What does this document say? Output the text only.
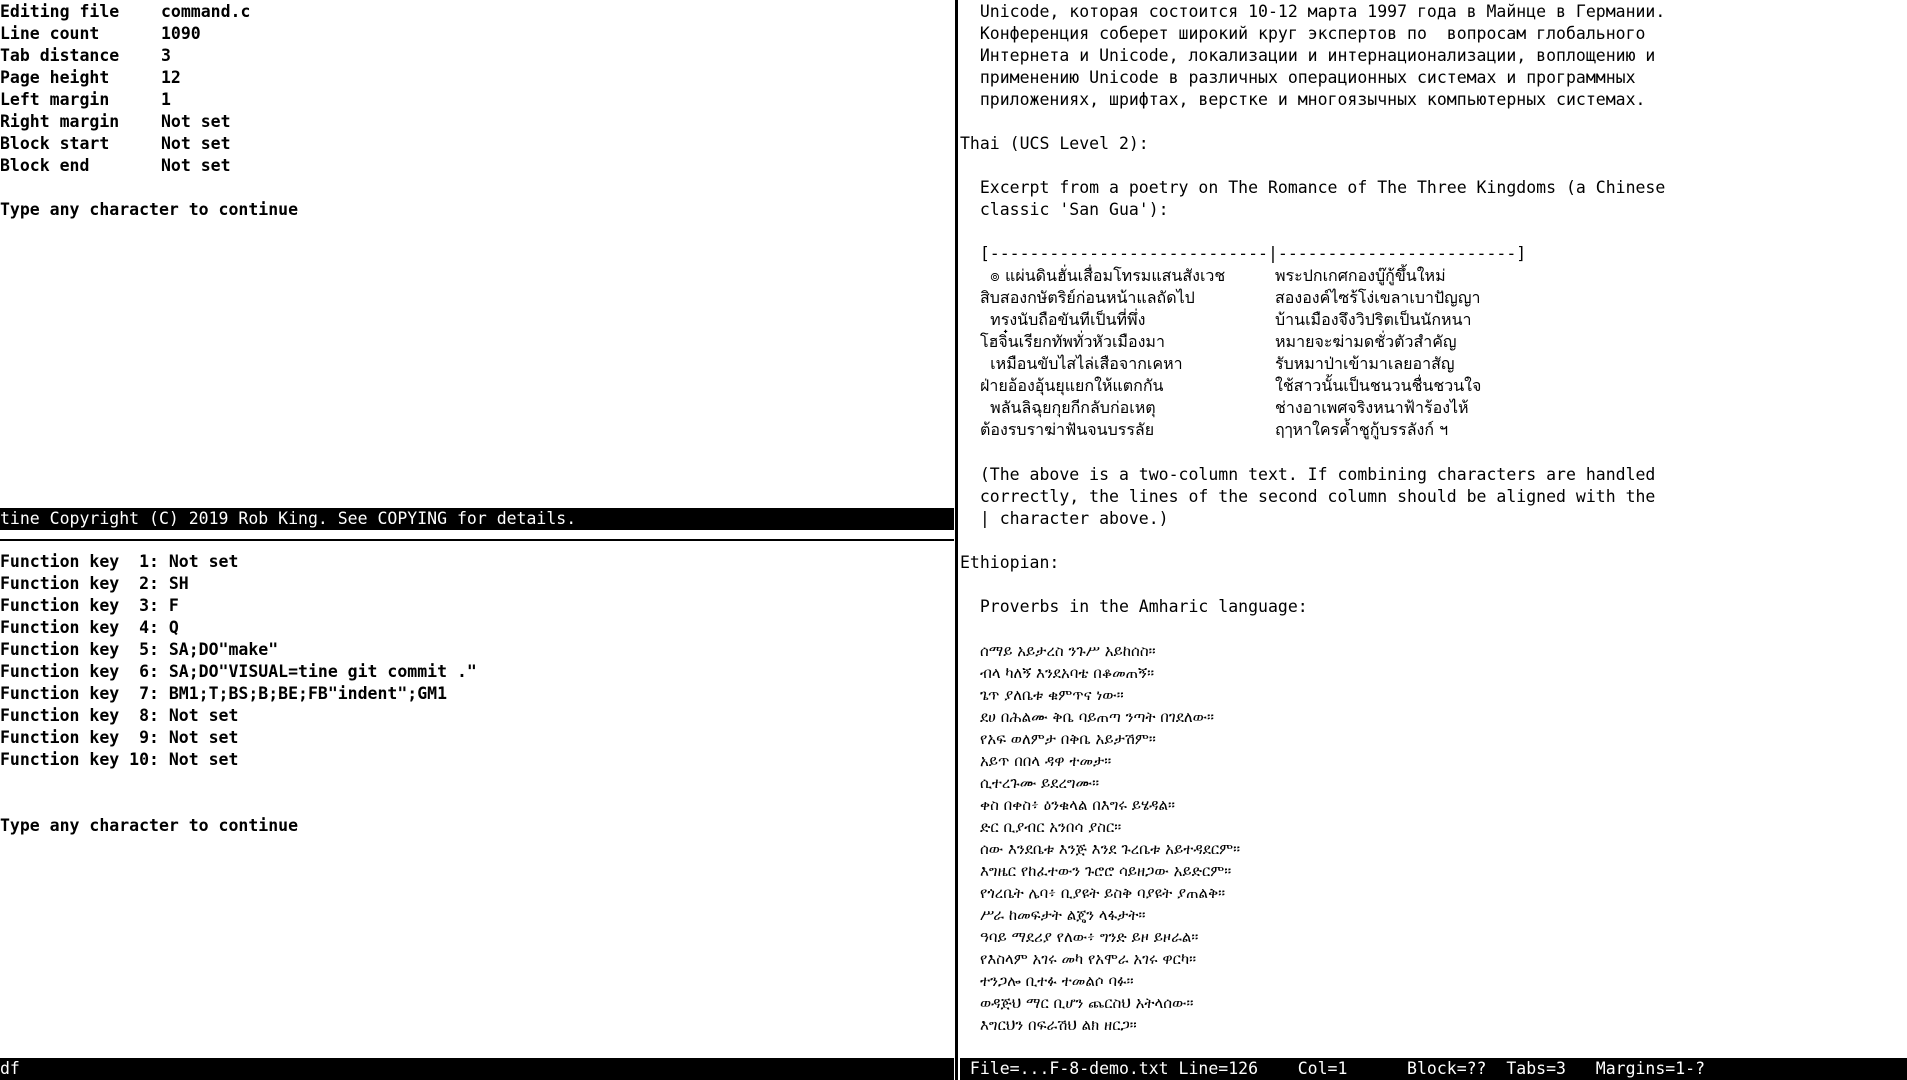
Editing file	command.c
Line count	1090
Tab distance	3
Page height	12
Left margin	1
Right margin	Not set
Block start	Not set
Block end	Not set
Type any character to continue
tine Copyright (C) 2019 Rob King. See COPYING for details.
Function key  1: Not set
Function key  2: SH
Function key  3: F
Function key  4: Q
Function key  5: SA;DO"make"
Function key  6: SA;DO"VISUAL=tine git commit ."
Function key  7: BM1;T;BS;B;BE;FB"indent";GM1
Function key  8: Not set
Function key  9: Not set
Function key 10: Not set
Type any character to continue
df
Unicode, которая состоится 10-12 марта 1997 года в Майнце в Германии.
Конференция соберет широкий круг экспертов по  вопросам глобального
Интернета и Unicode, локализации и интернационализации, воплощению и
применению Unicode в различных операционных системах и программных
приложениях, шрифтах, верстке и многоязычных компьютерных системах.
Thai (UCS Level 2):
Excerpt from a poetry on The Romance of The Three Kingdoms (a Chinese
classic 'San Gua'):
[----------------------------|------------------------]
๏ แผ่นดินฮั่นเสื่อมโทรมแสนสังเวช	พระปกเกศกองบู๊กู้ขึ้นใหม่
สิบสองกษัตริย์ก่อนหน้าแลถัดไป	สององค์ไซร้โง่เขลาเบาปัญญา
ทรงนับถือขันทีเป็นที่พึ่ง	บ้านเมืองจึงวิปริตเป็นนักหนา
โฮจิ๋นเรียกทัพทั่วหัวเมืองมา	หมายจะฆ่ามดชั่วตัวสำคัญ
เหมือนขับไสไล่เสือจากเคหา	รับหมาป่าเข้ามาเลยอาสัญ
ฝ่ายอ้องอุ้นยุแยกให้แตกกัน	ใช้สาวนั้นเป็นชนวนชื่นชวนใจ
พลันลิฉุยกุยกีกลับก่อเหตุ	ช่างอาเพศจริงหนาฟ้าร้องไห้
ต้องรบราฆ่าฟันจนบรรลัย	ฤๅหาใครค้ำชูกู้บรรลังก์ ฯ
(The above is a two-column text. If combining characters are handled
correctly, the lines of the second column should be aligned with the
| character above.)
Ethiopian:
Proverbs in the Amharic language:
ሰማይ አይታረስ ንጉሥ አይከሰስ።
ብላ ካለኝ እንደአባቴ በቆመጠኝ።
ጌጥ ያለቤቱ ቁምጥና ነው።
ደሀ በሕልሙ ቅቤ ባይጠጣ ንጣት በገደለው።
የአፍ ወለምታ በቅቤ አይታሽም።
አይጥ በበላ ዳዋ ተመታ።
ሲተረጉሙ ይደረግሙ።
ቀስ በቀስ፥ ዕንቁላል በእግሩ ይሄዳል።
ድር ቢያብር አንበሳ ያስር።
ሰው እንደቤቱ እንጅ እንደ ጉረቤቱ አይተዳደርም።
እግዜር የከፈተውን ጉሮሮ ሳይዘጋው አይድርም።
የጎረቤት ሌባ፥ ቢያዩት ይስቅ ባያዩት ያጠልቅ።
ሥራ ከመፍታት ልጄን ላፋታት።
ዓባይ ማደሪያ የለው፥ ግንድ ይዞ ይዞራል።
የእስላም አገሩ መካ የአሞራ አገሩ ዋርካ።
ተንጋሎ ቢተፉ ተመልሶ ባፉ።
ወዳጅህ ማር ቢሆን ጨርስህ አትላሰው።
እግርህን በፍራሽህ ልክ ዘርጋ።
File=...F-8-demo.txt Line=126    Col=1      Block=??  Tabs=3   Margins=1-?
